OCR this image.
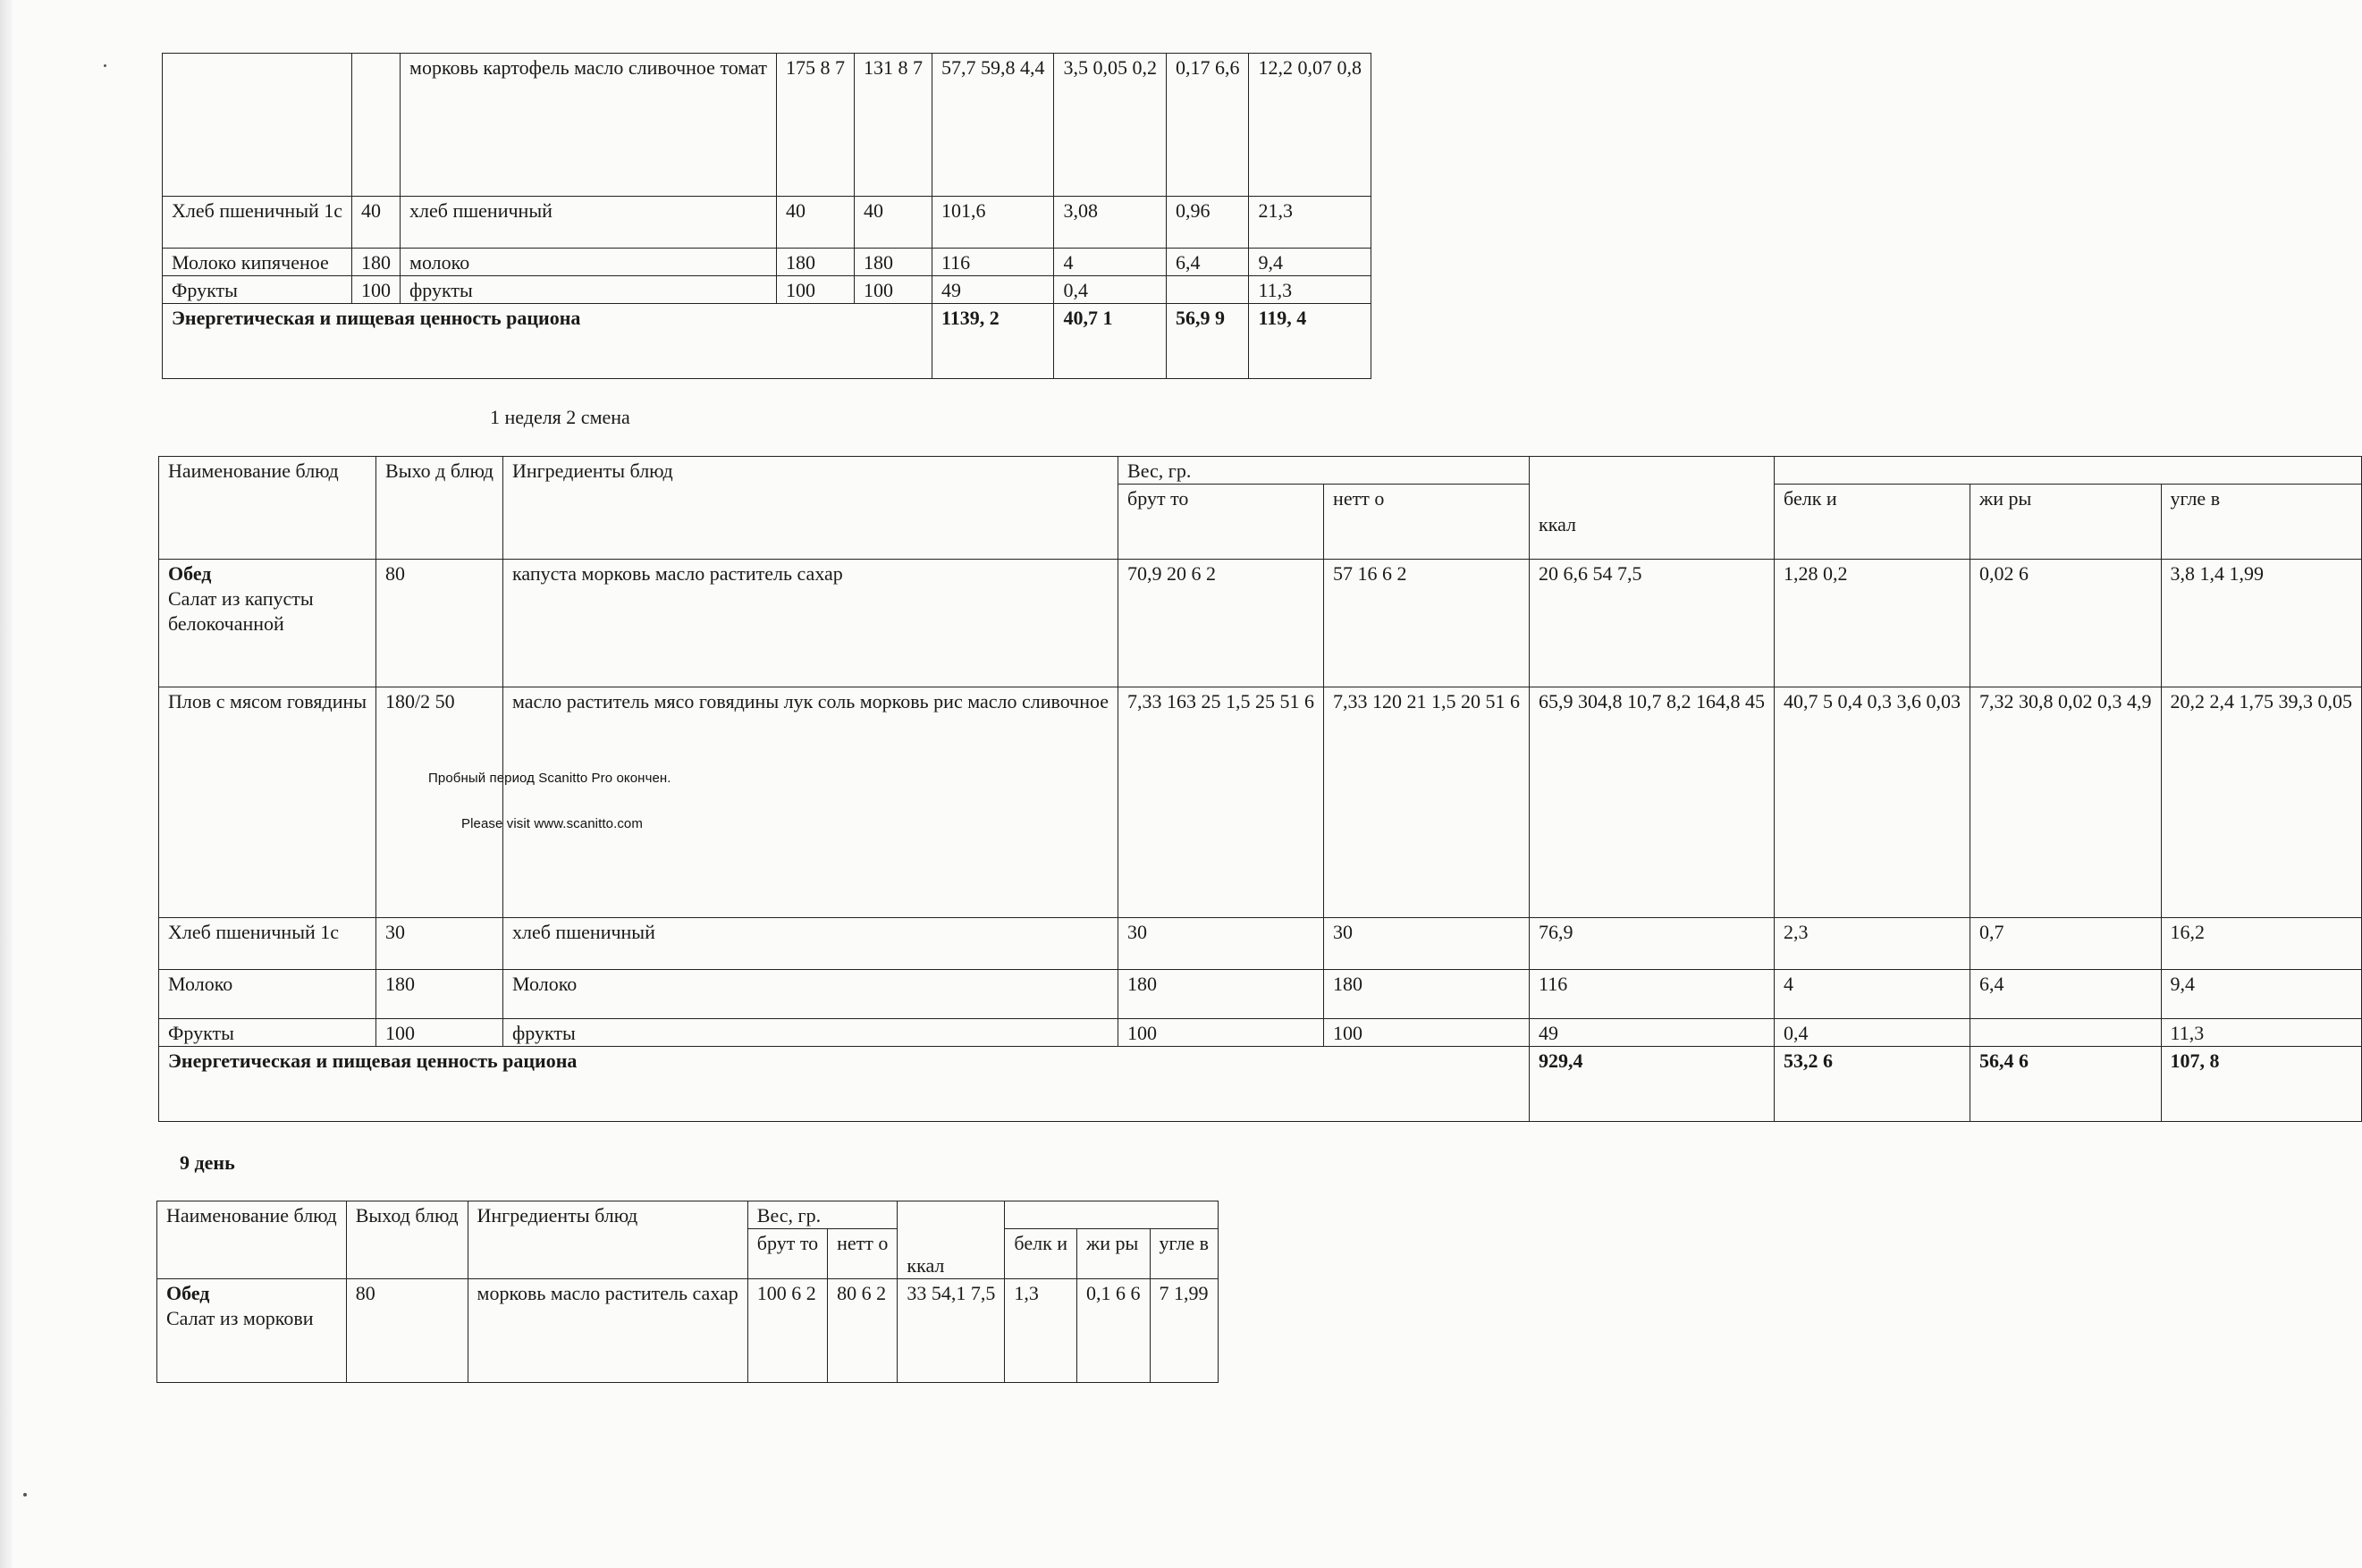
		морковь картофель масло сливочное томат	175 8 7	131 8 7	57,7 59,8 4,4	3,5 0,05 0,2	0,17 6,6	12,2 0,07 0,8
Хлеб пшеничный 1с	40	хлеб пшеничный	40	40	101,6	3,08	0,96	21,3
Молоко кипяченое	180	молоко	180	180	116	4	6,4	9,4
Фрукты	100	фрукты	100	100	49	0,4		11,3
Энергетическая и пищевая ценность рациона					1139, 2	40,7 1	56,9 9	119, 4
1 неделя 2 смена
Наименование блюд	Выхо д блюд	Ингредиенты блюд	Вес, гр.		ккал			
			брут то	нетт о		белк и	жи ры	угле в
Обед
Салат из капусты
белокочанной	80	капуста морковь масло раститель сахар	70,9 20 6 2	57 16 6 2	20 6,6 54 7,5	1,28 0,2	0,02 6	3,8 1,4 1,99
Плов с мясом говядины	180/2 50	масло раститель мясо говядины лук соль морковь рис масло сливочное	7,33 163 25 1,5 25 51 6	7,33 120 21 1,5 20 51 6	65,9 304,8 10,7 8,2 164,8 45	40,7 5 0,4 0,3 3,6 0,03	7,32 30,8 0,02 0,3 4,9	20,2 2,4 1,75 39,3 0,05
Хлеб пшеничный 1с	30	хлеб пшеничный	30	30	76,9	2,3	0,7	16,2
Молоко	180	Молоко	180	180	116	4	6,4	9,4
Фрукты	100	фрукты	100	100	49	0,4		11,3
Энергетическая и пищевая ценность рациона					929,4	53,2 6	56,4 6	107, 8
Пробный период Scanitto Pro окончен.
Please visit www.scanitto.com
9 день
Наименование блюд	Выход блюд	Ингредиенты блюд	Вес, гр.		ккал			
			брут то	нетт о		белк и	жи ры	угле в
Обед
Салат из моркови	80	морковь масло раститель сахар	100 6 2	80 6 2	33 54,1 7,5	1,3	0,1 6 6	7 1,99
